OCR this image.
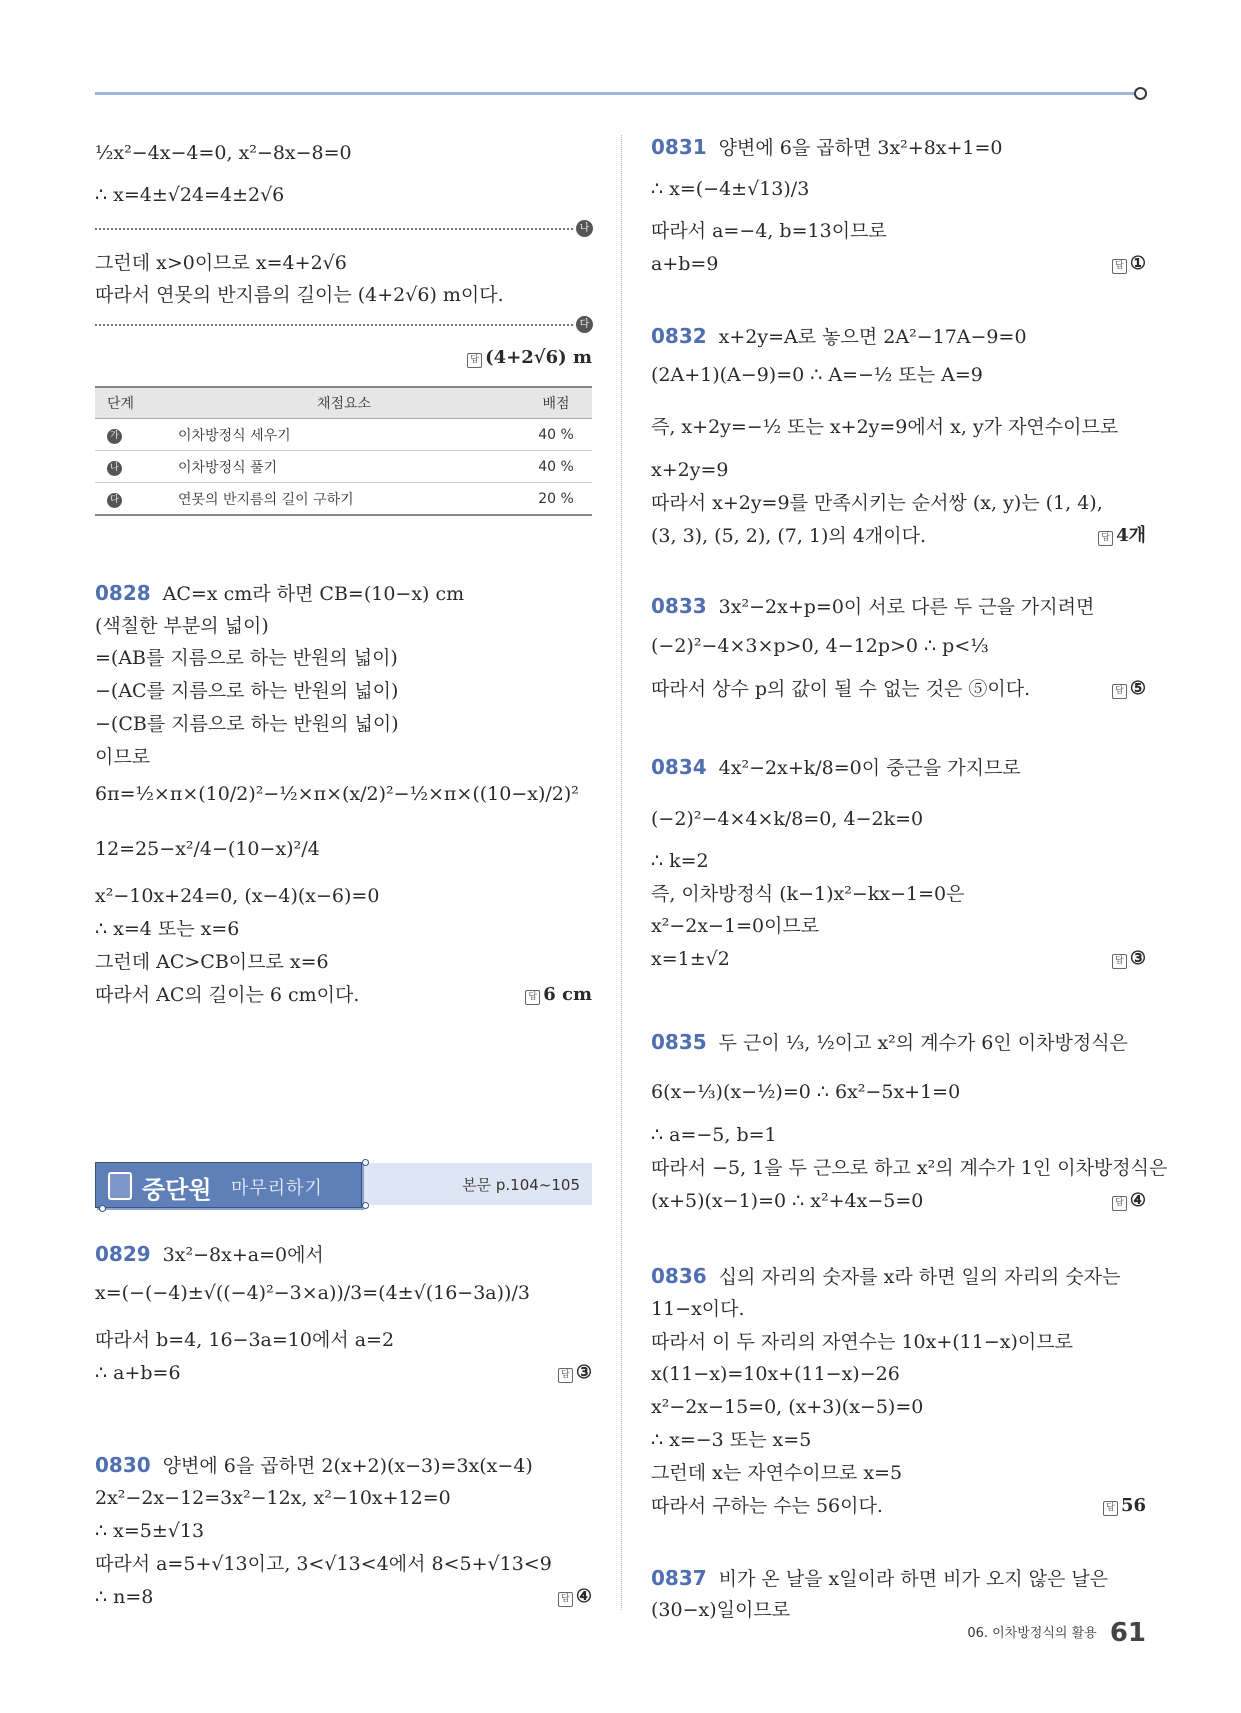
½x²−4x−4=0, x²−8x−8=0
∴ x=4±√24=4±2√6
나
그런데 x>0이므로 x=4+2√6
따라서 연못의 반지름의 길이는 (4+2√6) m이다.
다
답 (4+2√6) m
단계	채점요소	배점
가	이차방정식 세우기	40 %
나	이차방정식 풀기	40 %
다	연못의 반지름의 길이 구하기	20 %
0828 AC=x cm라 하면 CB=(10−x) cm
(색칠한 부분의 넓이)
=(AB를 지름으로 하는 반원의 넓이)
−(AC를 지름으로 하는 반원의 넓이)
−(CB를 지름으로 하는 반원의 넓이)
이므로
6π=½×π×(10/2)²−½×π×(x/2)²−½×π×((10−x)/2)²
12=25−x²/4−(10−x)²/4
x²−10x+24=0, (x−4)(x−6)=0
∴ x=4 또는 x=6
그런데 AC>CB이므로 x=6
따라서 AC의 길이는 6 cm이다.	답 6 cm
중단원 마무리하기	본문 p.104~105
0829 3x²−8x+a=0에서
x=(−(−4)±√((−4)²−3×a))/3=(4±√(16−3a))/3
따라서 b=4, 16−3a=10에서 a=2
∴ a+b=6	답 ③
0830 양변에 6을 곱하면 2(x+2)(x−3)=3x(x−4)
2x²−2x−12=3x²−12x, x²−10x+12=0
∴ x=5±√13
따라서 a=5+√13이고, 3<√13<4에서 8<5+√13<9
∴ n=8	답 ④
0831 양변에 6을 곱하면 3x²+8x+1=0
∴ x=(−4±√13)/3
따라서 a=−4, b=13이므로
a+b=9	답 ①
0832 x+2y=A로 놓으면 2A²−17A−9=0
(2A+1)(A−9)=0 ∴ A=−½ 또는 A=9
즉, x+2y=−½ 또는 x+2y=9에서 x, y가 자연수이므로
x+2y=9
따라서 x+2y=9를 만족시키는 순서쌍 (x, y)는 (1, 4),
(3, 3), (5, 2), (7, 1)의 4개이다.	답 4개
0833 3x²−2x+p=0이 서로 다른 두 근을 가지려면
(−2)²−4×3×p>0, 4−12p>0 ∴ p<⅓
따라서 상수 p의 값이 될 수 없는 것은 ⑤이다.	답 ⑤
0834 4x²−2x+k/8=0이 중근을 가지므로
(−2)²−4×4×k/8=0, 4−2k=0
∴ k=2
즉, 이차방정식 (k−1)x²−kx−1=0은
x²−2x−1=0이므로
x=1±√2	답 ③
0835 두 근이 ⅓, ½이고 x²의 계수가 6인 이차방정식은
6(x−⅓)(x−½)=0 ∴ 6x²−5x+1=0
∴ a=−5, b=1
따라서 −5, 1을 두 근으로 하고 x²의 계수가 1인 이차방정식은
(x+5)(x−1)=0 ∴ x²+4x−5=0	답 ④
0836 십의 자리의 숫자를 x라 하면 일의 자리의 숫자는
11−x이다.
따라서 이 두 자리의 자연수는 10x+(11−x)이므로
x(11−x)=10x+(11−x)−26
x²−2x−15=0, (x+3)(x−5)=0
∴ x=−3 또는 x=5
그런데 x는 자연수이므로 x=5
따라서 구하는 수는 56이다.	답 56
0837 비가 온 날을 x일이라 하면 비가 오지 않은 날은
(30−x)일이므로
$^{06. 이차방정식의 활용}$ 61
